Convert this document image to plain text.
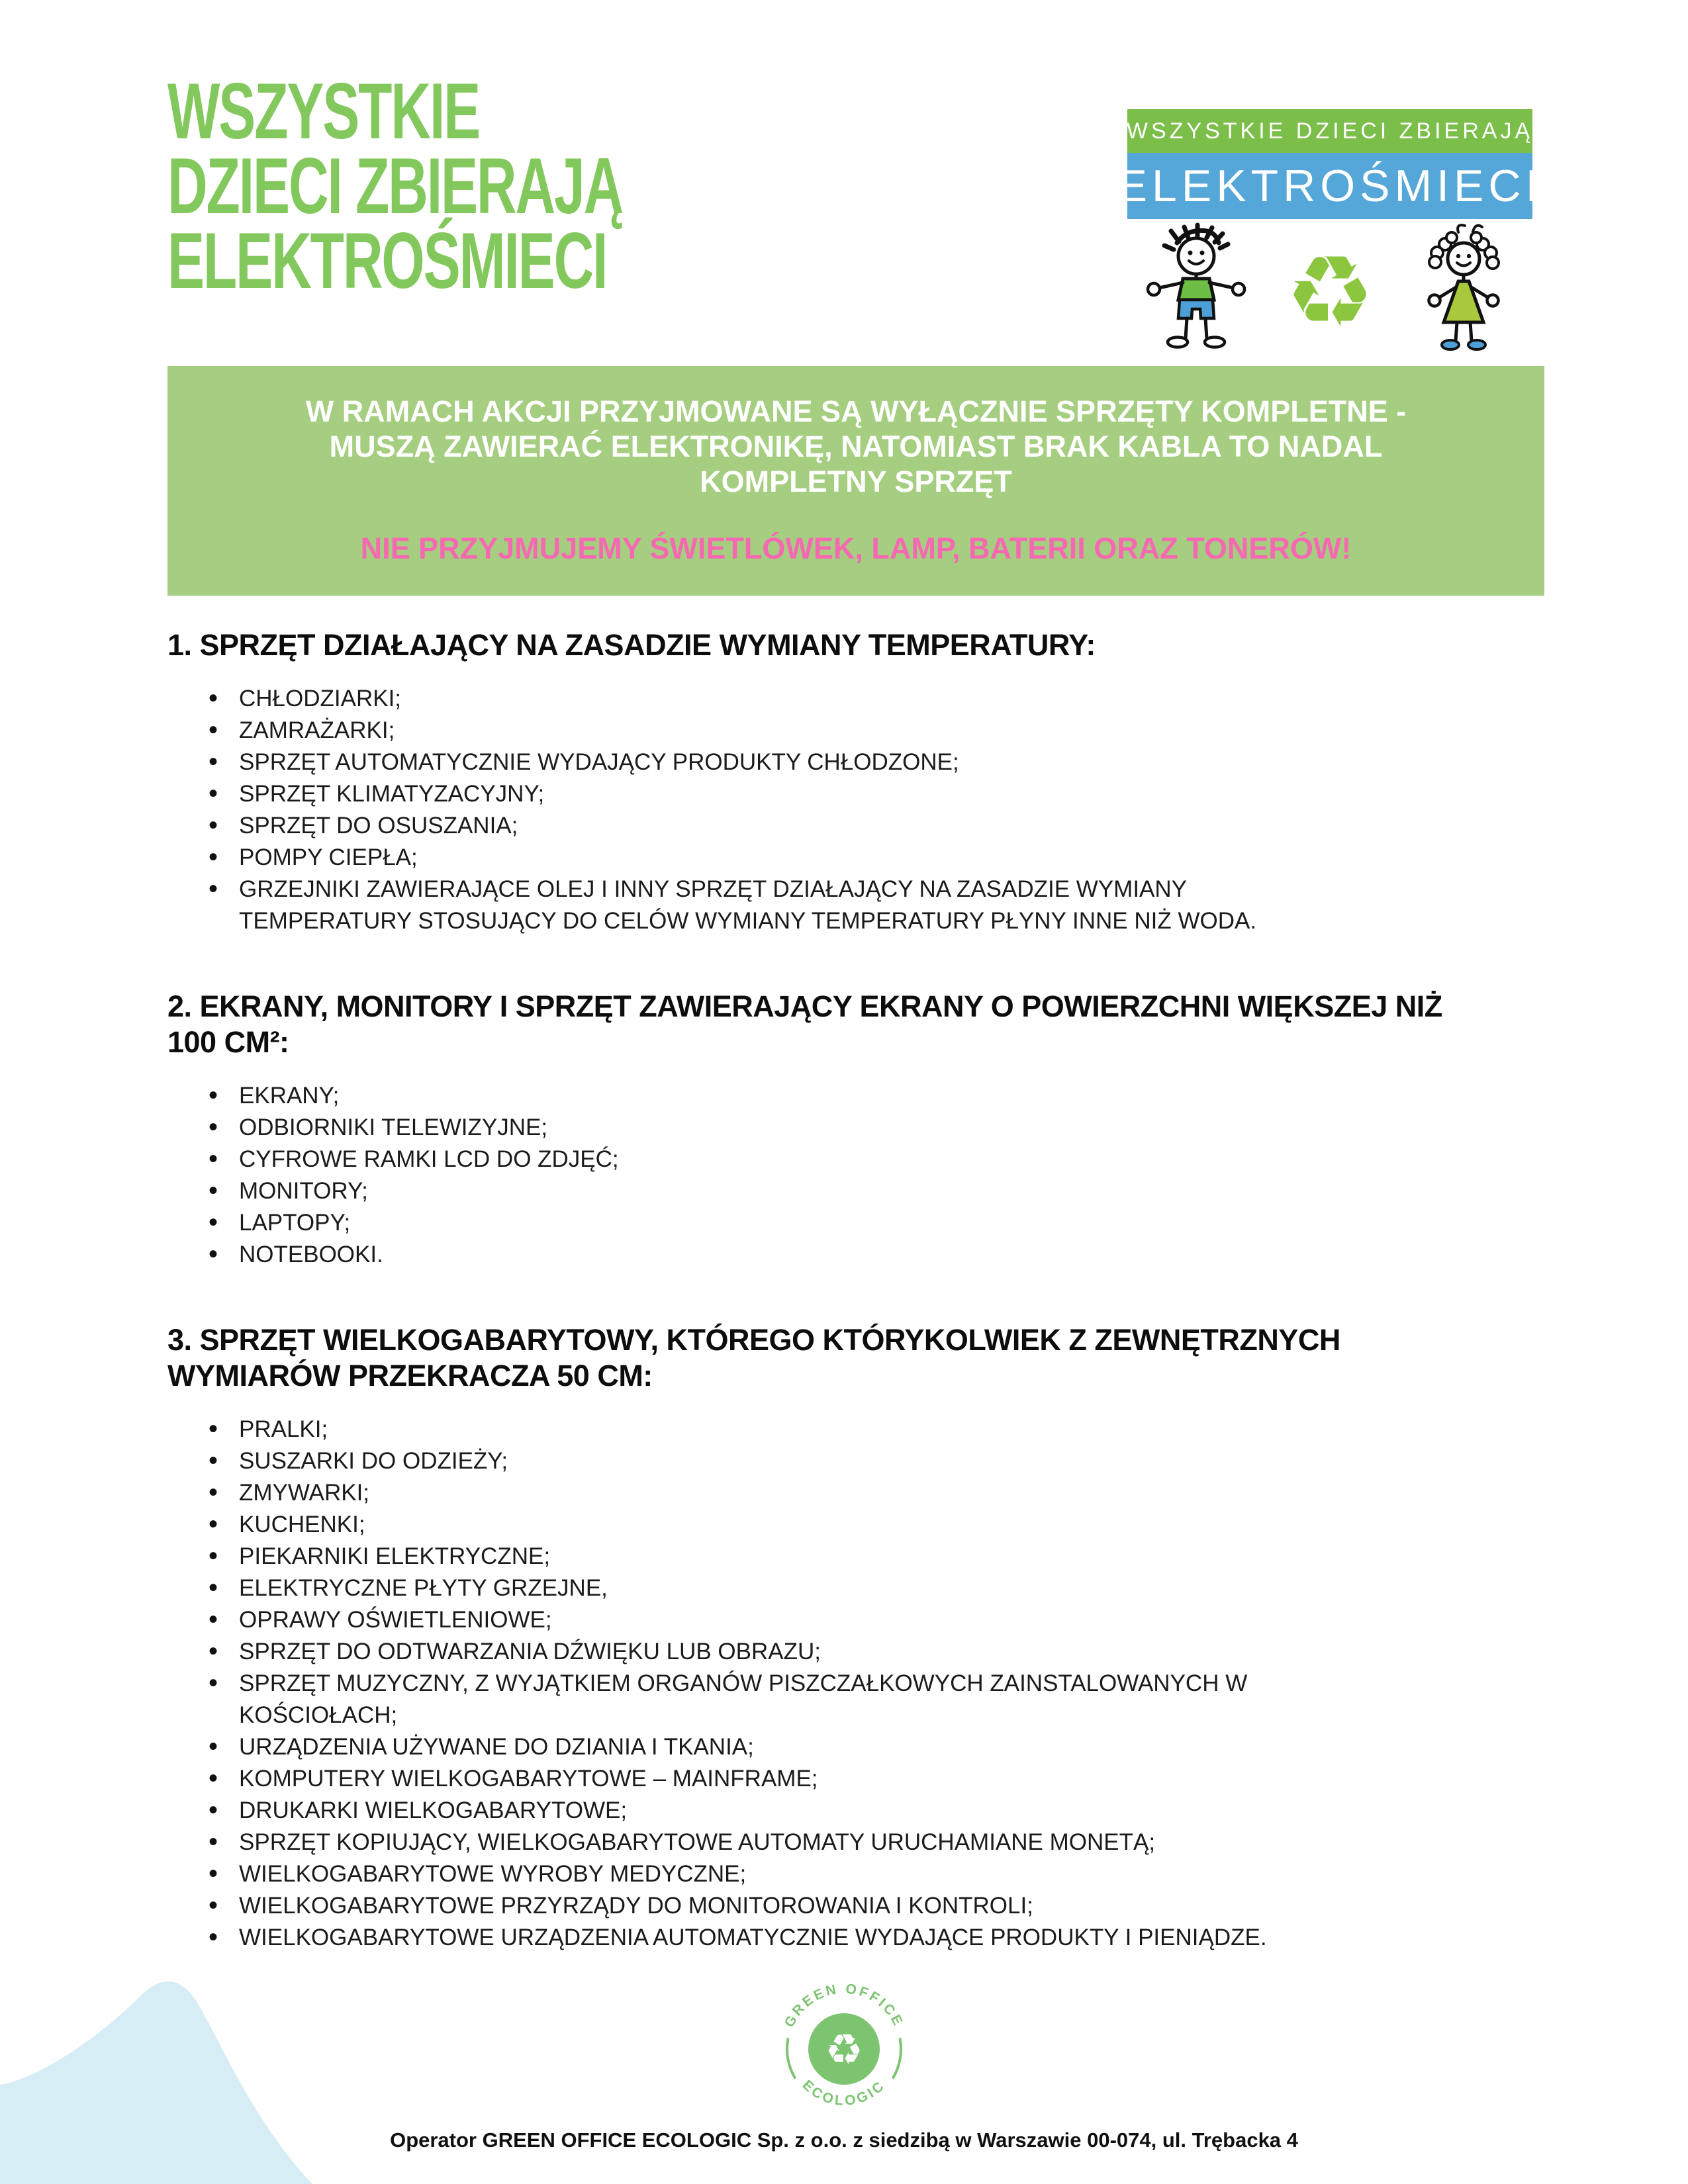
WSZYSTKIE
DZIECI ZBIERAJĄ
ELEKTROŚMIECI
WSZYSTKIE DZIECI ZBIERAJĄ
ELEKTROŚMIECI
♻
W RAMACH AKCJI PRZYJMOWANE SĄ WYŁĄCZNIE SPRZĘTY KOMPLETNE - MUSZĄ ZAWIERAĆ ELEKTRONIKĘ, NATOMIAST BRAK KABLA TO NADAL KOMPLETNY SPRZĘT
NIE PRZYJMUJEMY ŚWIETLÓWEK, LAMP, BATERII ORAZ TONERÓW!
1. SPRZĘT DZIAŁAJĄCY NA ZASADZIE WYMIANY TEMPERATURY:
• CHŁODZIARKI;
• ZAMRAŻARKI;
• SPRZĘT AUTOMATYCZNIE WYDAJĄCY PRODUKTY CHŁODZONE;
• SPRZĘT KLIMATYZACYJNY;
• SPRZĘT DO OSUSZANIA;
• POMPY CIEPŁA;
• GRZEJNIKI ZAWIERAJĄCE OLEJ I INNY SPRZĘT DZIAŁAJĄCY NA ZASADZIE WYMIANY TEMPERATURY STOSUJĄCY DO CELÓW WYMIANY TEMPERATURY PŁYNY INNE NIŻ WODA.
2. EKRANY, MONITORY I SPRZĘT ZAWIERAJĄCY EKRANY O POWIERZCHNI WIĘKSZEJ NIŻ 100 CM²:
• EKRANY;
• ODBIORNIKI TELEWIZYJNE;
• CYFROWE RAMKI LCD DO ZDJĘĆ;
• MONITORY;
• LAPTOPY;
• NOTEBOOKI.
3. SPRZĘT WIELKOGABARYTOWY, KTÓREGO KTÓRYKOLWIEK Z ZEWNĘTRZNYCH WYMIARÓW PRZEKRACZA 50 CM:
• PRALKI;
• SUSZARKI DO ODZIEŻY;
• ZMYWARKI;
• KUCHENKI;
• PIEKARNIKI ELEKTRYCZNE;
• ELEKTRYCZNE PŁYTY GRZEJNE,
• OPRAWY OŚWIETLENIOWE;
• SPRZĘT DO ODTWARZANIA DŹWIĘKU LUB OBRAZU;
• SPRZĘT MUZYCZNY, Z WYJĄTKIEM ORGANÓW PISZCZAŁKOWYCH ZAINSTALOWANYCH W KOŚCIOŁACH;
• URZĄDZENIA UŻYWANE DO DZIANIA I TKANIA;
• KOMPUTERY WIELKOGABARYTOWE – MAINFRAME;
• DRUKARKI WIELKOGABARYTOWE;
• SPRZĘT KOPIUJĄCY, WIELKOGABARYTOWE AUTOMATY URUCHAMIANE MONETĄ;
• WIELKOGABARYTOWE WYROBY MEDYCZNE;
• WIELKOGABARYTOWE PRZYRZĄDY DO MONITOROWANIA I KONTROLI;
• WIELKOGABARYTOWE URZĄDZENIA AUTOMATYCZNIE WYDAJĄCE PRODUKTY I PIENIĄDZE.
♻
GREEN OFFICE
ECOLOGIC
Operator GREEN OFFICE ECOLOGIC Sp. z o.o. z siedzibą w Warszawie 00-074, ul. Trębacka 4
